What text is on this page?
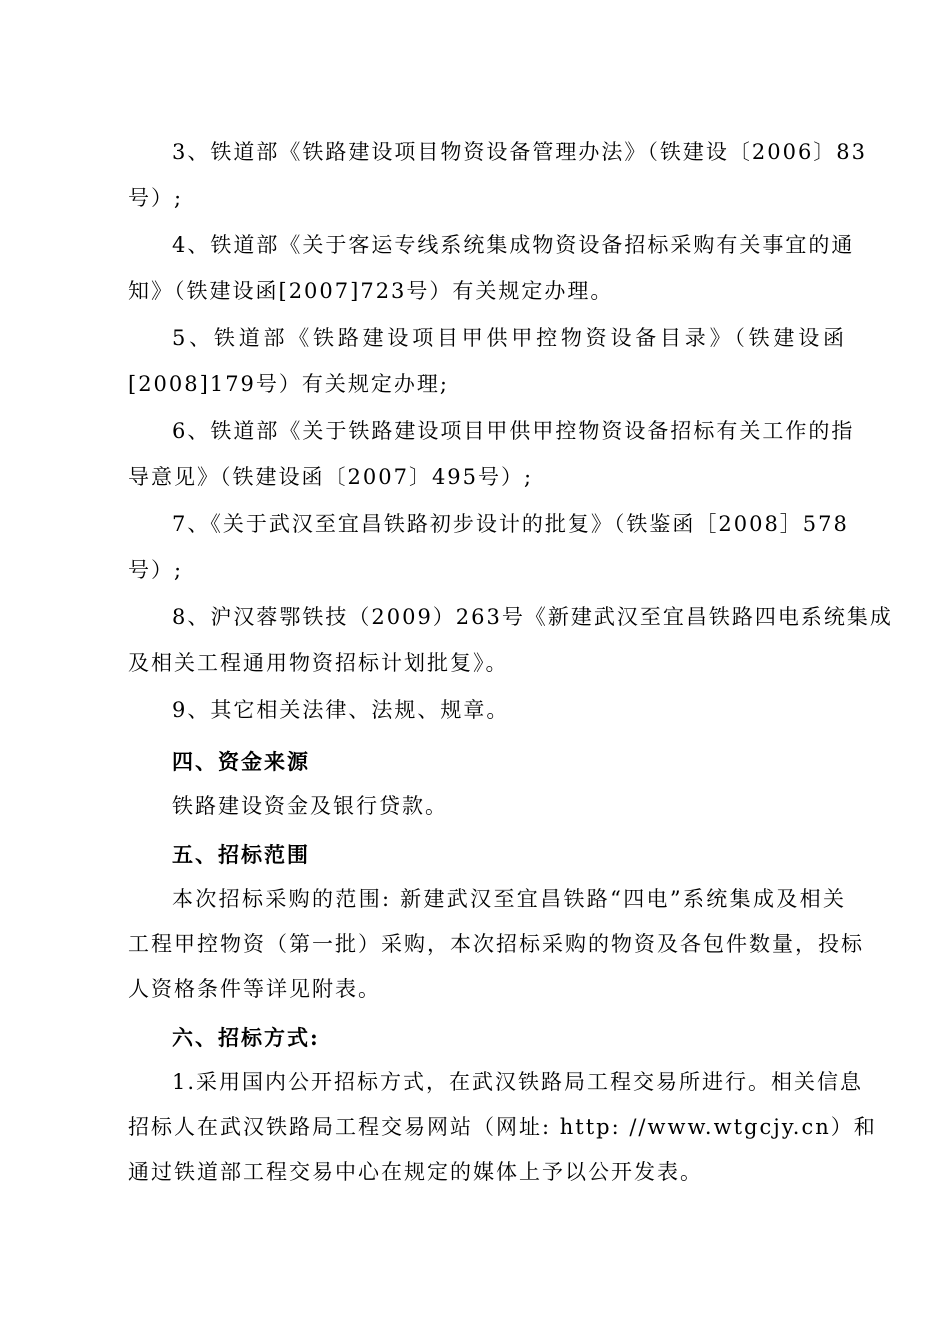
3、铁道部《铁路建设项目物资设备管理办法》（铁建设〔2006〕83
号）;
4、铁道部《关于客运专线系统集成物资设备招标采购有关事宜的通
知》（铁建设函[2007]723号）有关规定办理。
5、铁道部《铁路建设项目甲供甲控物资设备目录》（铁建设函
[2008]179号）有关规定办理;
6、铁道部《关于铁路建设项目甲供甲控物资设备招标有关工作的指
导意见》（铁建设函〔2007〕495号）;
7、《关于武汉至宜昌铁路初步设计的批复》（铁鉴函［2008］578
号）;
8、沪汉蓉鄂铁技（2009）263号《新建武汉至宜昌铁路四电系统集成
及相关工程通用物资招标计划批复》。
9、其它相关法律、法规、规章。
四、资金来源
铁路建设资金及银行贷款。
五、招标范围
本次招标采购的范围: 新建武汉至宜昌铁路“四电”系统集成及相关
工程甲控物资（第一批）采购，本次招标采购的物资及各包件数量，投标
人资格条件等详见附表。
六、招标方式:
1.采用国内公开招标方式，在武汉铁路局工程交易所进行。相关信息
招标人在武汉铁路局工程交易网站（网址: http: //www.wtgcjy.cn）和
通过铁道部工程交易中心在规定的媒体上予以公开发表。
